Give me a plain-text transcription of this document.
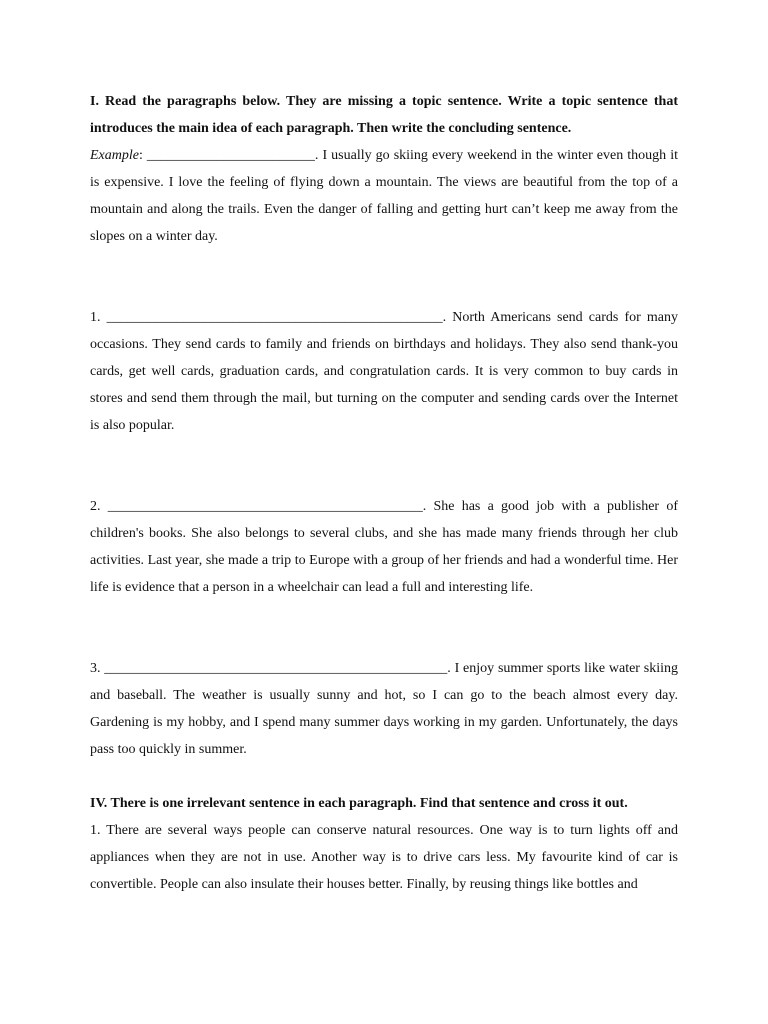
I. Read the paragraphs below. They are missing a topic sentence. Write a topic sentence that introduces the main idea of each paragraph. Then write the concluding sentence.

Example: ________________________. I usually go skiing every weekend in the winter even though it is expensive. I love the feeling of flying down a mountain. The views are beautiful from the top of a mountain and along the trails. Even the danger of falling and getting hurt can’t keep me away from the slopes on a winter day.

1. ________________________________________________. North Americans send cards for many occasions. They send cards to family and friends on birthdays and holidays. They also send thank-you cards, get well cards, graduation cards, and congratulation cards. It is very common to buy cards in stores and send them through the mail, but turning on the computer and sending cards over the Internet is also popular.

2. _____________________________________________. She has a good job with a publisher of children's books. She also belongs to several clubs, and she has made many friends through her club activities. Last year, she made a trip to Europe with a group of her friends and had a wonderful time. Her life is evidence that a person in a wheelchair can lead a full and interesting life.

3. _________________________________________________. I enjoy summer sports like water skiing and baseball. The weather is usually sunny and hot, so I can go to the beach almost every day. Gardening is my hobby, and I spend many summer days working in my garden. Unfortunately, the days pass too quickly in summer.

IV. There is one irrelevant sentence in each paragraph. Find that sentence and cross it out.

1. There are several ways people can conserve natural resources. One way is to turn lights off and appliances when they are not in use. Another way is to drive cars less. My favourite kind of car is convertible. People can also insulate their houses better. Finally, by reusing things like bottles and
